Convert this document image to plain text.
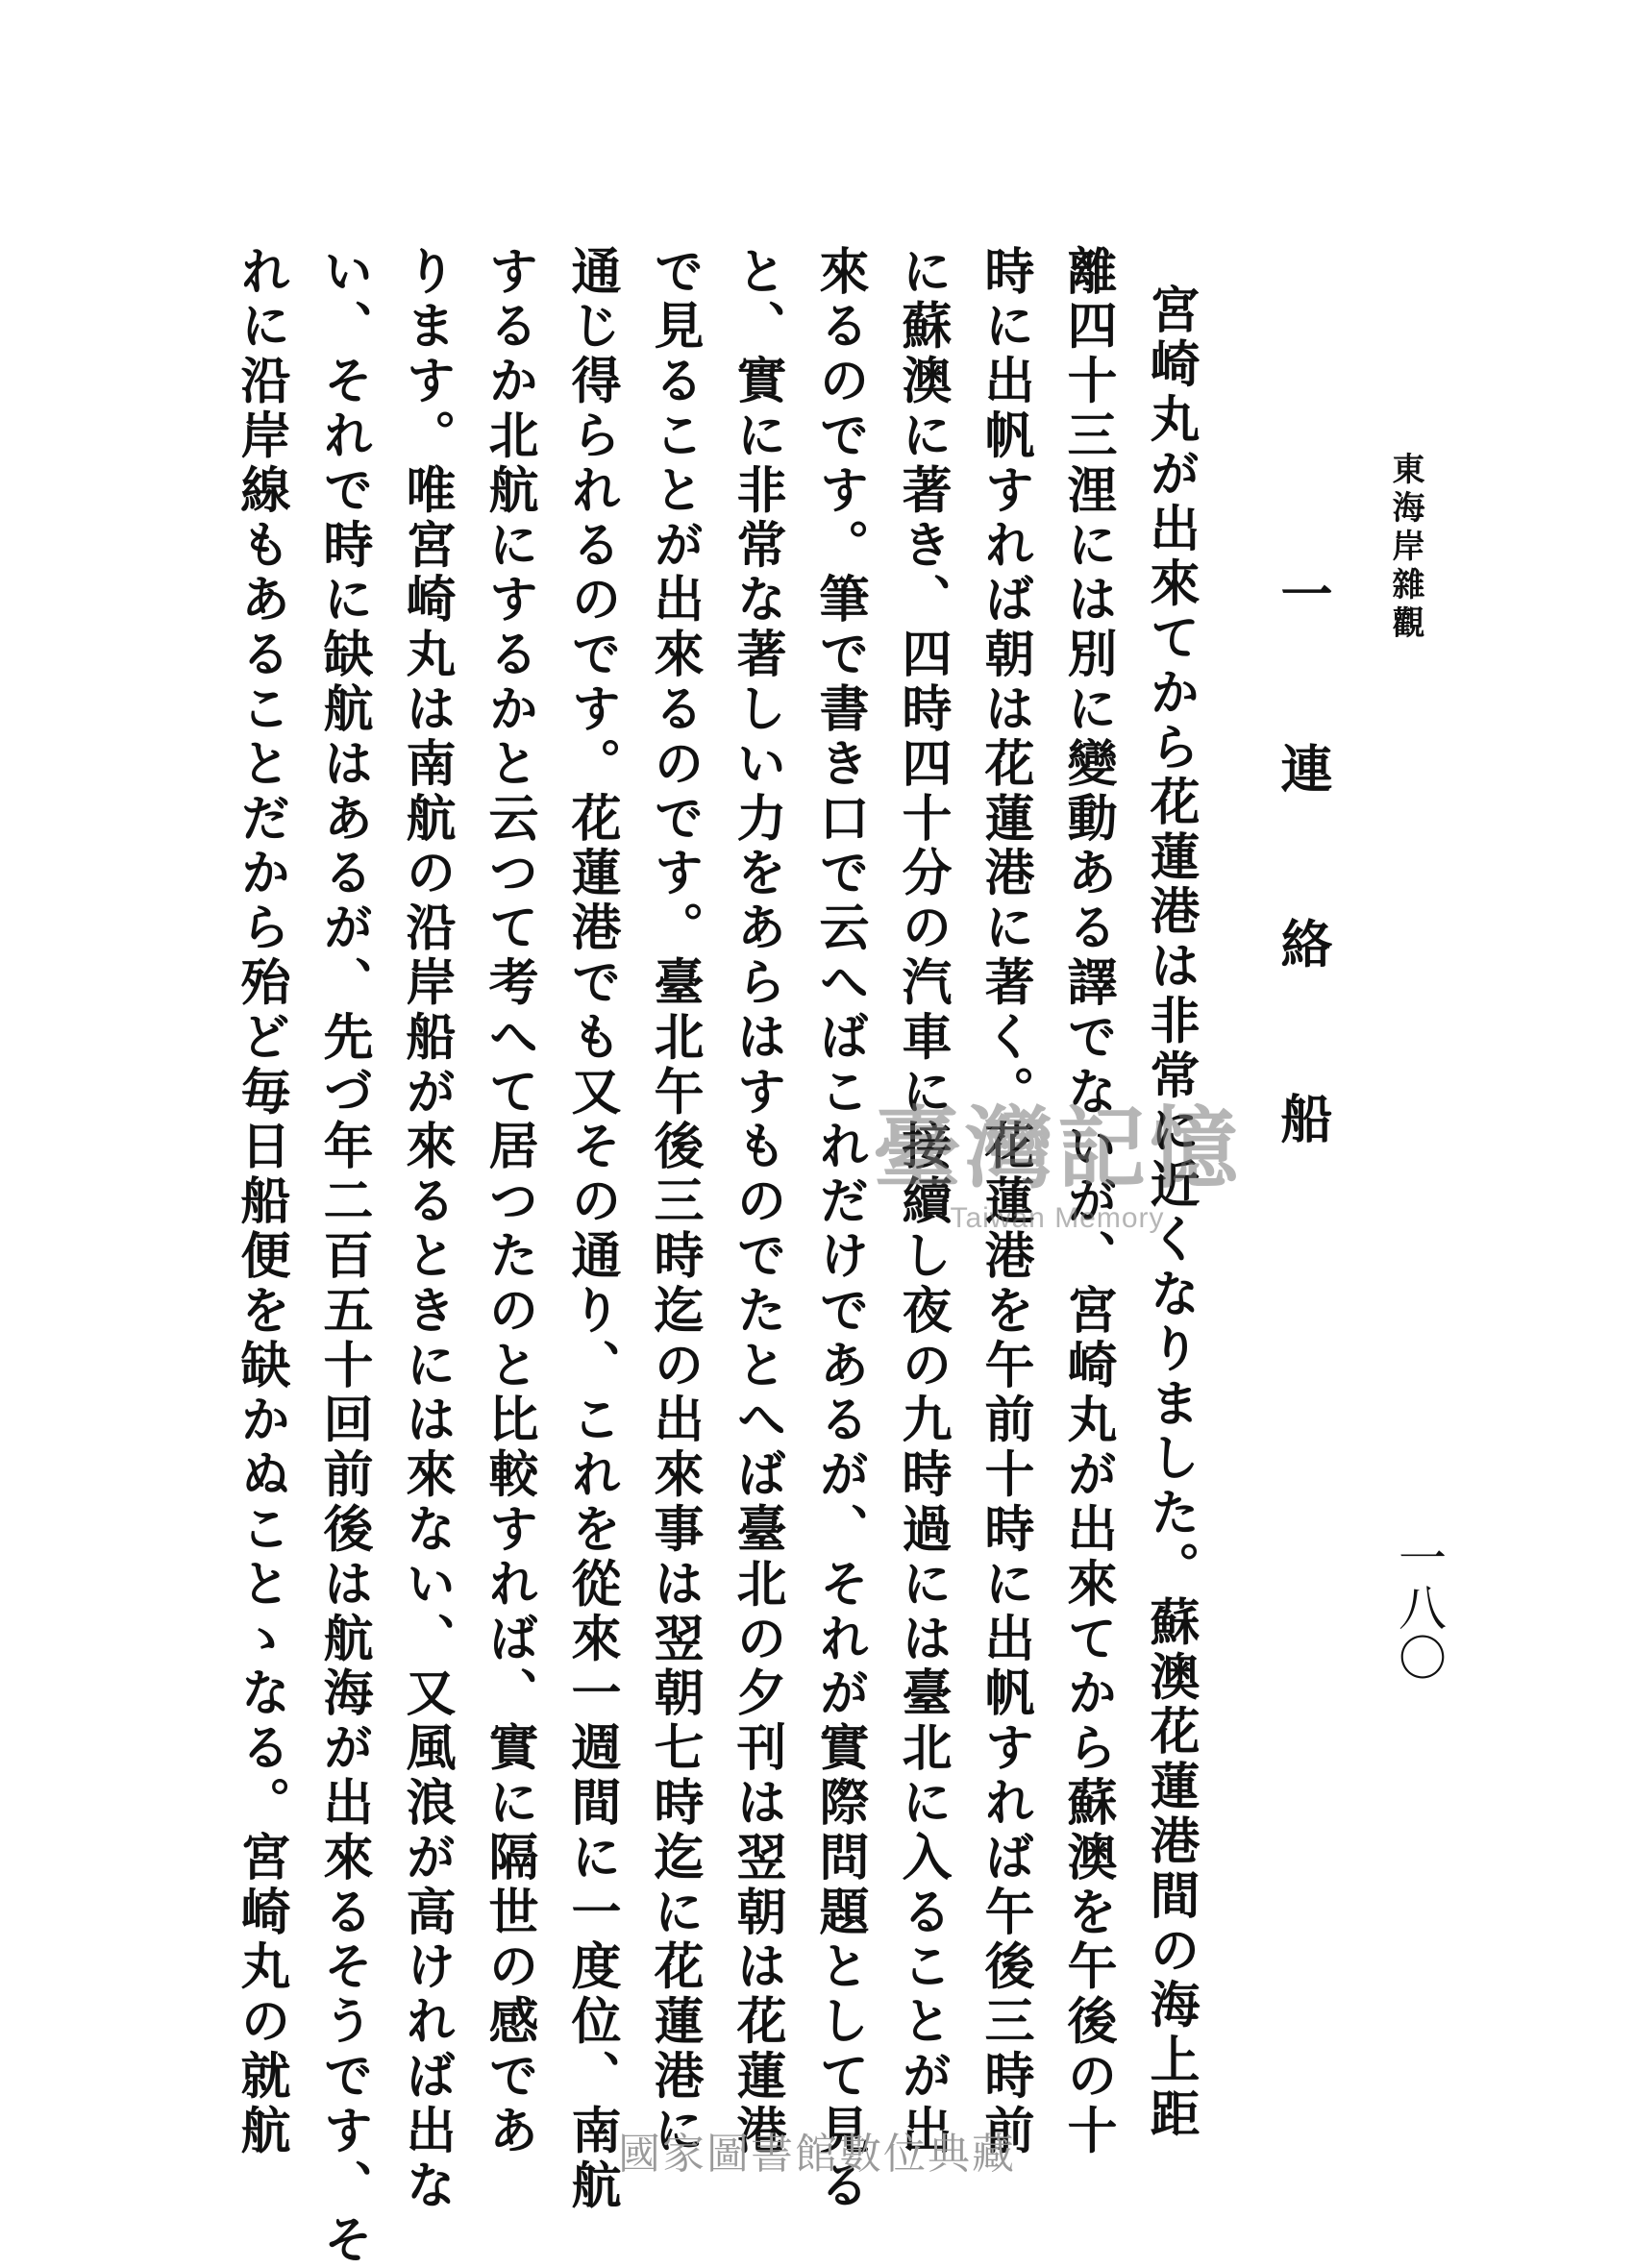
東海岸雜觀
一八〇
一連絡船
宮崎丸が出來てから花蓮港は非常に近くなりました。蘇澳花蓮港間の海上距
離四十三浬には別に變動ある譯でないが、宮崎丸が出來てから蘇澳を午後の十
時に出帆すれば朝は花蓮港に著く。花蓮港を午前十時に出帆すれば午後三時前
に蘇澳に著き、四時四十分の汽車に接續し夜の九時過には臺北に入ることが出
來るのです。筆で書き口で云へばこれだけであるが、それが實際問題として見る
と、實に非常な著しい力をあらはすものでたとへば臺北の夕刊は翌朝は花蓮港
で見ることが出來るのです。臺北午後三時迄の出來事は翌朝七時迄に花蓮港に
通じ得られるのです。花蓮港でも又その通り、これを從來一週間に一度位、南航
するか北航にするかと云つて考へて居つたのと比較すれば、實に隔世の感であ
ります。唯宮崎丸は南航の沿岸船が來るときには來ない、又風浪が高ければ出な
い、それで時に缺航はあるが、先づ年二百五十回前後は航海が出來るそうです、そ
れに沿岸線もあることだから殆ど毎日船便を缺かぬことゝなる。宮崎丸の就航	臺灣記憶
Taiwan Memory
國家圖書館數位典藏
